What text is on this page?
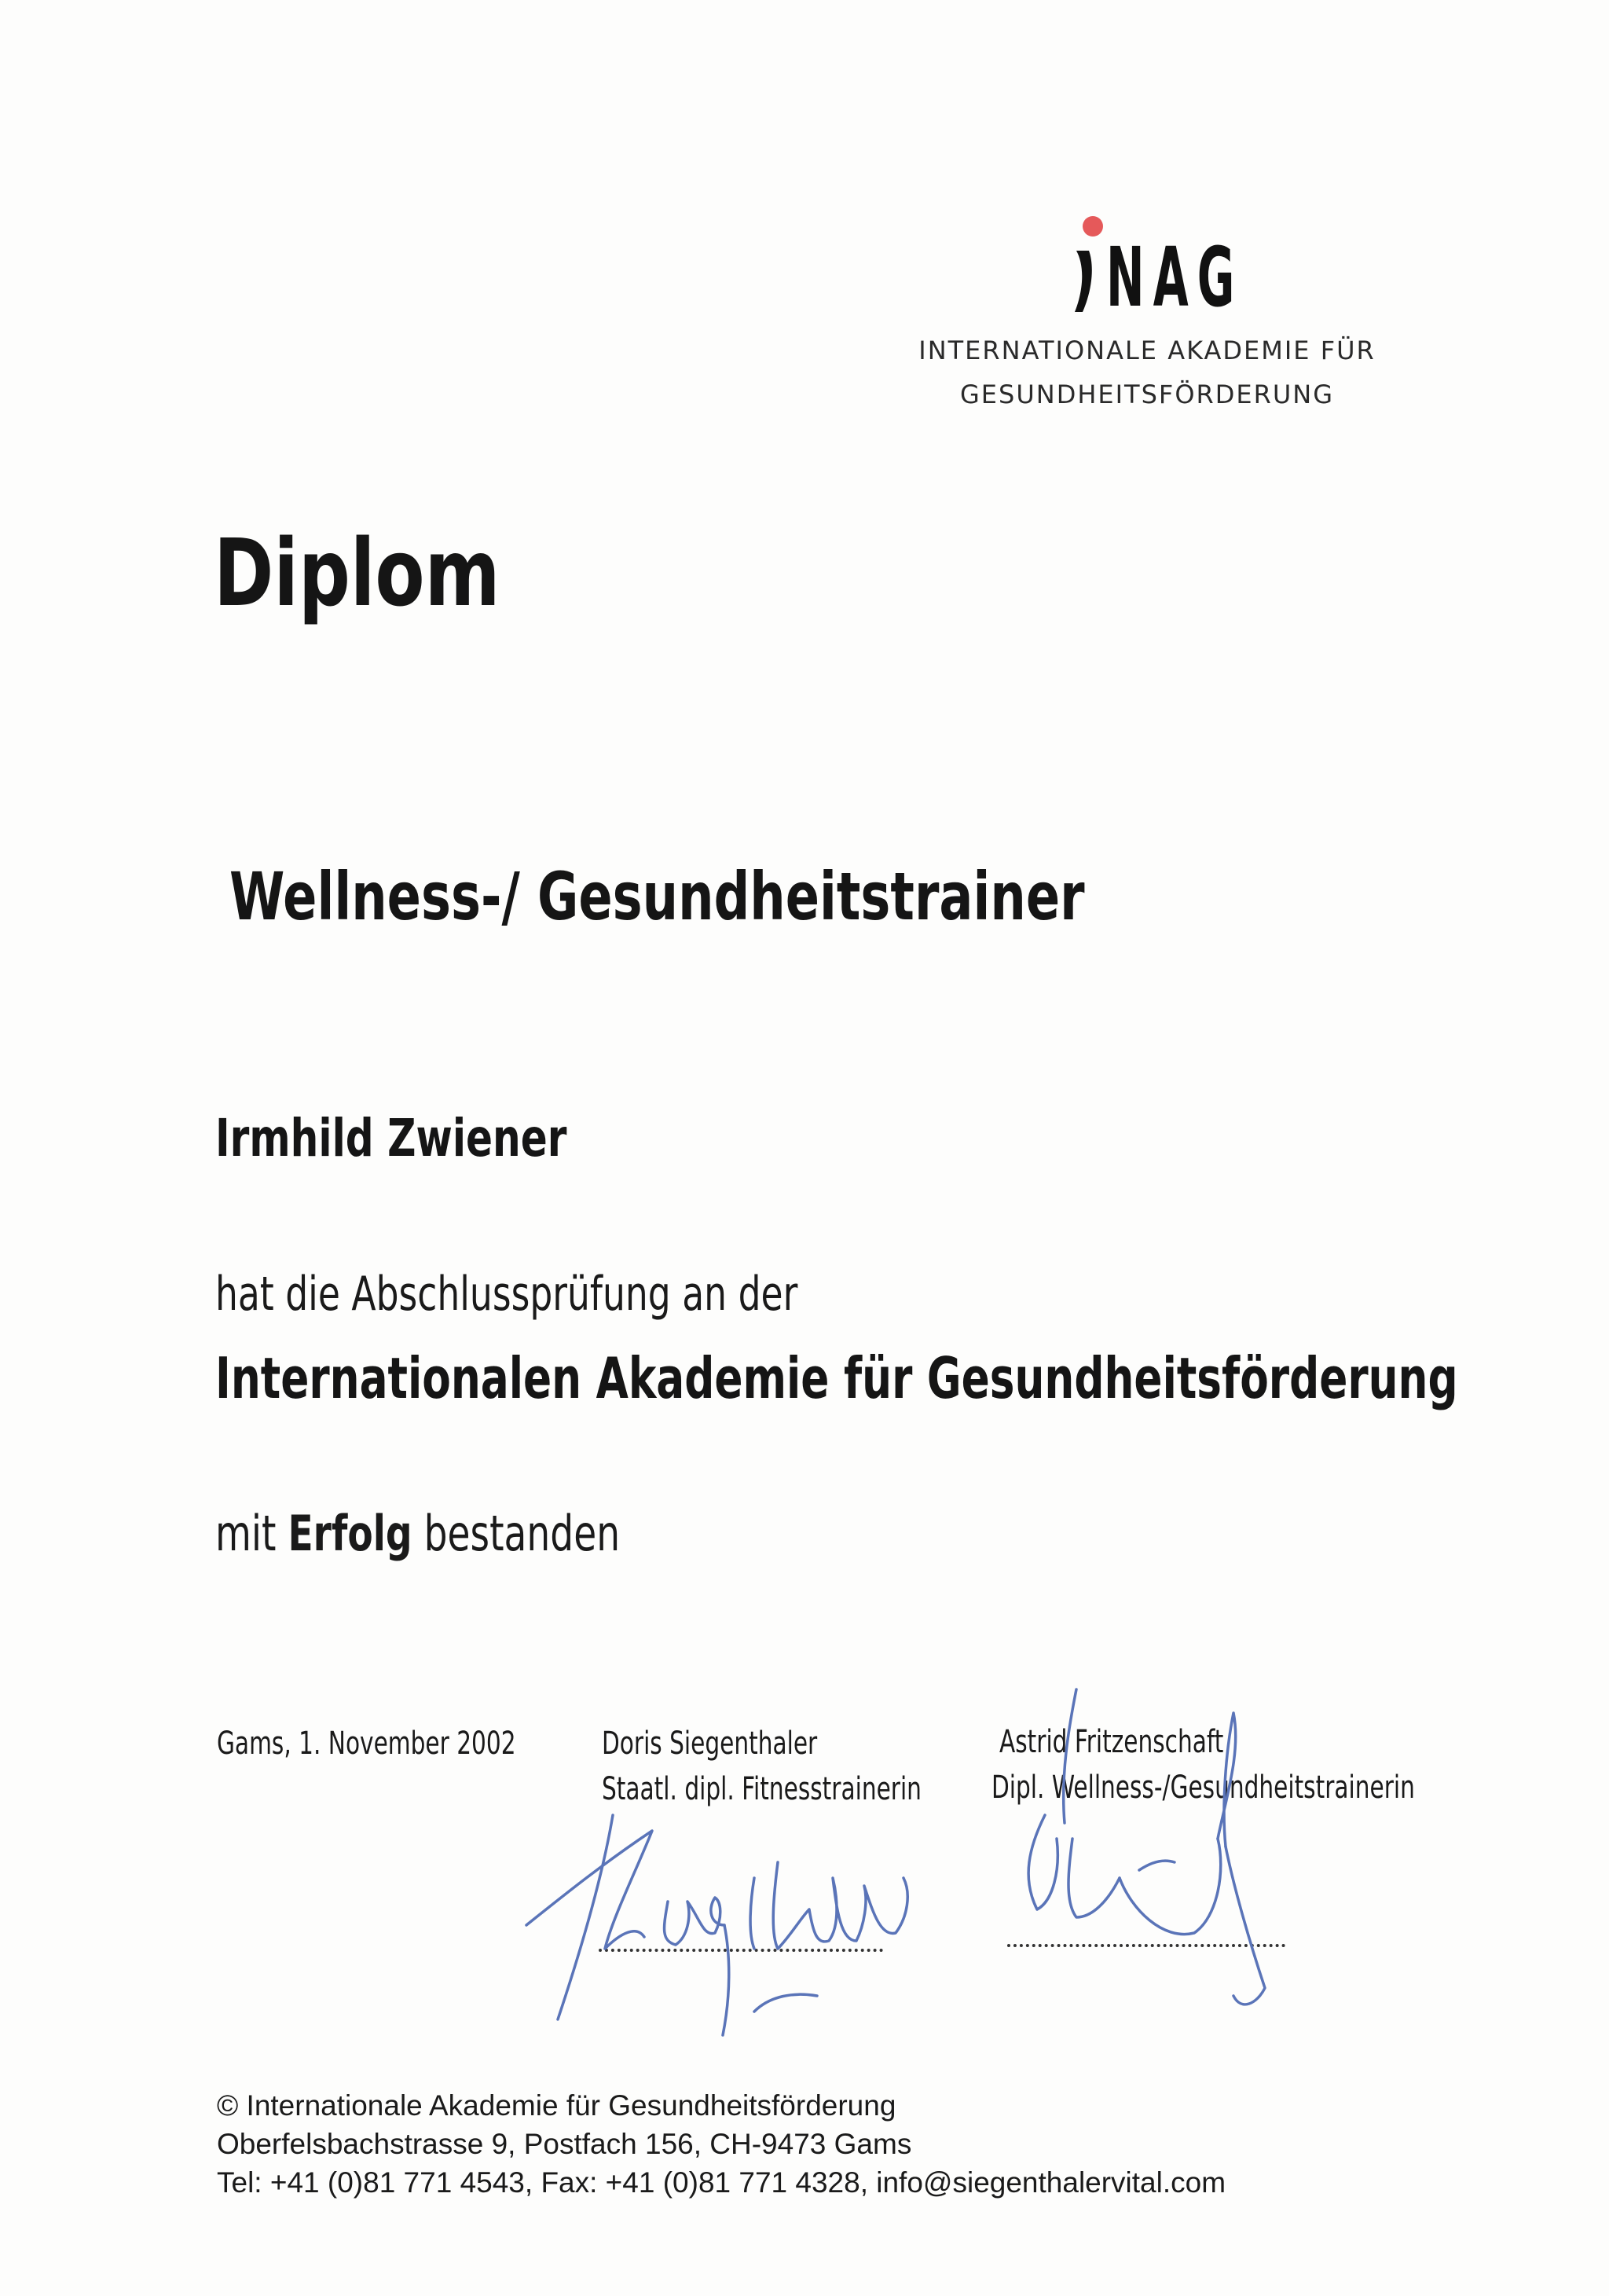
NAG
INTERNATIONALE AKADEMIE FÜR
GESUNDHEITSFÖRDERUNG
Diplom
Wellness-/ Gesundheitstrainer
Irmhild Zwiener
hat die Abschlussprüfung an der
Internationalen Akademie für Gesundheitsförderung
mit Erfolg bestanden
Gams, 1. November 2002	Doris Siegenthaler
Staatl. dipl. Fitnesstrainerin
Astrid Fritzenschaft
Dipl. Wellness-/Gesundheitstrainerin
© Internationale Akademie für Gesundheitsförderung
Oberfelsbachstrasse 9, Postfach 156, CH-9473 Gams
Tel: +41 (0)81 771 4543, Fax: +41 (0)81 771 4328, info@siegenthalervital.com
